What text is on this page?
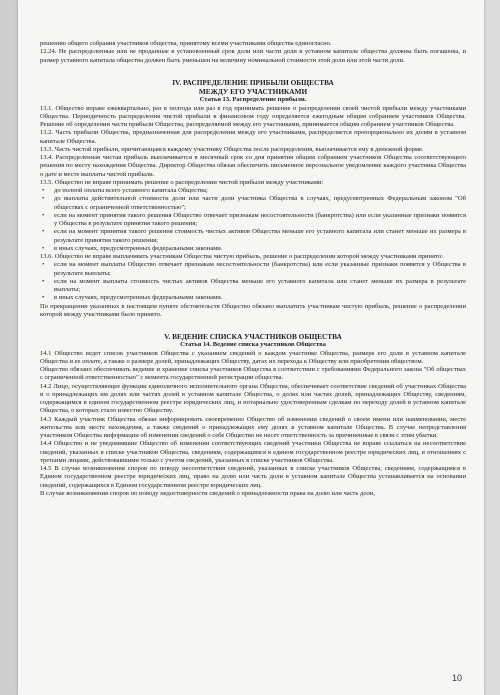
решению общего собрания участников общества, принятому всеми участниками общества единогласно.

12.24. Не распределенные или не проданные в установленный срок доли или части доли в уставном капитале общества должны быть погашены, и размер уставного капитала общества должен быть уменьшен на величину номинальной стоимости этой доли или этой части доли.

IV. РАСПРЕДЕЛЕНИЕ ПРИБЫЛИ ОБЩЕСТВА

МЕЖДУ ЕГО УЧАСТНИКАМИ

Статья 13. Распределение прибыли.

13.1. Общество вправе ежеквартально, раз в полгода или раз в год принимать решение о распределении своей чистой прибыли между участниками Общества. Периодичность распределения чистой прибыли в финансовом году определяется ежегодным общим собранием участников Общества. Решение об определении части прибыли Общества, распределяемой между его участниками, принимается общим собранием участников Общества.

13.2. Часть прибыли Общества, предназначенная для распределения между его участниками, распределяется пропорционально их долям в уставном капитале Общества.

13.3. Часть чистой прибыли, причитающаяся каждому участнику Общества после распределения, выплачивается ему в денежной форме.

13.4. Распределенная чистая прибыль выплачивается в месячный срок со дня принятия общим собранием участников Общества соответствующего решения по месту нахождения Общества. Директор Общества обязан обеспечить письменное персональное уведомление каждого участника Общества о дате и месте выплаты чистой прибыли.

13.5. Общество не вправе принимать решение о распределении чистой прибыли между участниками:

• до полной оплаты всего уставного капитала Общества;
• до выплаты действительной стоимости доли или части доли участника Общества в случаях, предусмотренных Федеральным законом "Об обществах с ограниченной ответственностью";
• если на момент принятия такого решения Общество отвечает признакам несостоятельности (банкротства) или если указанные признаки появятся у Общества в результате принятия такого решения;
• если на момент принятия такого решения стоимость чистых активов Общества меньше его уставного капитала или станет меньше их размера в результате принятия такого решения;
• в иных случаях, предусмотренных федеральными законами.

13.6. Общество не вправе выплачивать участникам Общества чистую прибыль, решение о распределении которой между участниками принято:

• если на момент выплаты Общество отвечает признакам несостоятельности (банкротства) или если указанные признаки появятся у Общества в результате выплаты;
• если на момент выплаты стоимость чистых активов Общества меньше его уставного капитала или станет меньше их размера в результате выплаты;
• в иных случаях, предусмотренных федеральными законами.

По прекращении указанных в настоящем пункте обстоятельств Общество обязано выплатить участникам чистую прибыль, решение о распределении которой между участниками было принято.

V. ВЕДЕНИЕ СПИСКА УЧАСТНИКОВ ОБЩЕСТВА

Статья 14. Ведение списка участников Общества

14.1 Общество ведет список участников Общества с указанием сведений о каждом участнике Общества, размере его доли в уставном капитале Общества и ее оплате, а также о размере долей, принадлежащих Обществу, датах их перехода к Обществу или приобретения обществом.

Общество обязано обеспечивать ведение и хранение списка участников Общества в соответствии с требованиями Федерального закона "Об обществах с ограниченной ответственностью" с момента государственной регистрации общества.

14.2 Лицо, осуществляющее функции единоличного исполнительного органа Общества, обеспечивает соответствие сведений об участниках Общества и о принадлежащих им долях или частях долей в уставном капитале Общества, о долях или частях долей, принадлежащих Обществу, сведениям, содержащимся в едином государственном реестре юридических лиц, и нотариально удостоверенным сделкам по переходу долей в уставном капитале Общества, о которых стало известно Обществу.

14.3 Каждый участник Общества обязан информировать своевременно Общество об изменении сведений о своем имени или наименовании, месте жительства или месте нахождения, а также сведений о принадлежащих ему долях в уставном капитале Общества. В случае непредставления участником Общества информации об изменении сведений о себе Общество не несет ответственность за причиненные в связи с этим убытки.

14.4 Общество и не уведомившие Общество об изменении соответствующих сведений участники Общества не вправе ссылаться на несоответствие сведений, указанных в списке участников Общества, сведениям, содержащимся в едином государственном реестре юридических лиц, в отношениях с третьими лицами, действовавшими только с учетом сведений, указанных в списке участников Общества.

14.5 В случае возникновения споров по поводу несоответствия сведений, указанных в списке участников Общества, сведениям, содержащимся в Едином государственном реестре юридических лиц, право на долю или часть доли в уставном капитале Общества устанавливается на основании сведений, содержащихся в Едином государственном реестре юридических лиц.

В случае возникновения споров по поводу недостоверности сведений о принадлежности права на долю или часть доли,

10
